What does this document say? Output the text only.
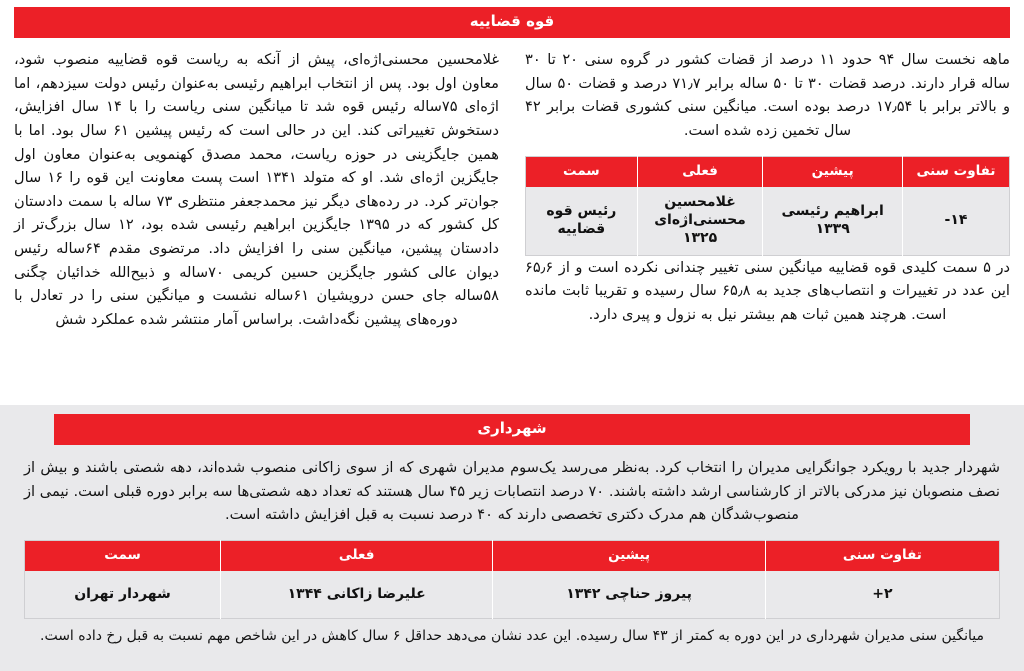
قوه قضاییه

ماهه نخست سال ۹۴ حدود ۱۱ درصد از قضات کشور در گروه سنی ۲۰ تا ۳۰ ساله قرار دارند. درصد قضات ۳۰ تا ۵۰ ساله برابر ۷۱٫۷ درصد و قضات ۵۰ سال و بالاتر برابر با ۱۷٫۵۴ درصد بوده است. میانگین سنی کشوری قضات برابر ۴۲ سال تخمین زده شده است.

تفاوت سنی	پیشین	فعلی	سمت
۱۴-	ابراهیم رئیسی ۱۳۳۹	غلامحسین محسنی‌اژه‌ای ۱۳۲۵	رئیس قوه قضاییه

در ۵ سمت کلیدی قوه قضاییه میانگین سنی تغییر چندانی نکرده است و از ۶۵٫۶ این عدد در تغییرات و انتصاب‌های جدید به ۶۵٫۸ سال رسیده و تقریبا ثابت مانده است. هرچند همین ثبات هم بیشتر نیل به نزول و پیری دارد.

غلامحسین محسنی‌اژه‌ای، پیش از آنکه به ریاست قوه قضاییه منصوب شود، معاون اول بود. پس از انتخاب ابراهیم رئیسی به‌عنوان رئیس دولت سیزدهم، اما اژه‌ای ۷۵ساله رئیس قوه شد تا میانگین سنی ریاست را با ۱۴ سال افزایش، دستخوش تغییراتی کند. این در حالی است که رئیس پیشین ۶۱ سال بود. اما با همین جایگزینی در حوزه ریاست، محمد مصدق کهنمویی به‌عنوان معاون اول جایگزین اژه‌ای شد. او که متولد ۱۳۴۱ است پست معاونت این قوه را ۱۶ سال جوان‌تر کرد. در رده‌های دیگر نیز محمدجعفر منتظری ۷۳ ساله با سمت دادستان کل کشور که در ۱۳۹۵ جایگزین ابراهیم رئیسی شده بود، ۱۲ سال بزرگ‌تر از دادستان پیشین، میانگین سنی را افزایش داد. مرتضوی مقدم ۶۴ساله رئیس دیوان عالی کشور جایگزین حسین کریمی ۷۰ساله و ذبیح‌الله خدائیان چگنی ۵۸ساله جای حسن درویشیان ۶۱ساله نشست و میانگین سنی را در تعادل با دوره‌های پیشین نگه‌داشت. براساس آمار منتشر شده عملکرد شش

شهرداری

شهردار جدید با رویکرد جوانگرایی مدیران را انتخاب کرد. به‌نظر می‌رسد یک‌سوم مدیران شهری که از سوی زاکانی منصوب شده‌اند، دهه شصتی باشند و بیش از نصف منصوبان نیز مدرکی بالاتر از کارشناسی ارشد داشته باشند. ۷۰ درصد انتصابات زیر ۴۵ سال هستند که تعداد دهه شصتی‌ها سه برابر دوره قبلی است. نیمی از منصوب‌شدگان هم مدرک دکتری تخصصی دارند که ۴۰ درصد نسبت به قبل افزایش داشته است.

تفاوت سنی	پیشین	فعلی	سمت
۲+	پیروز حناچی ۱۳۴۲	علیرضا زاکانی ۱۳۴۴	شهردار تهران

میانگین سنی مدیران شهرداری در این دوره به کمتر از ۴۳ سال رسیده. این عدد نشان می‌دهد حداقل ۶ سال کاهش در این شاخص مهم نسبت به قبل رخ داده است.
